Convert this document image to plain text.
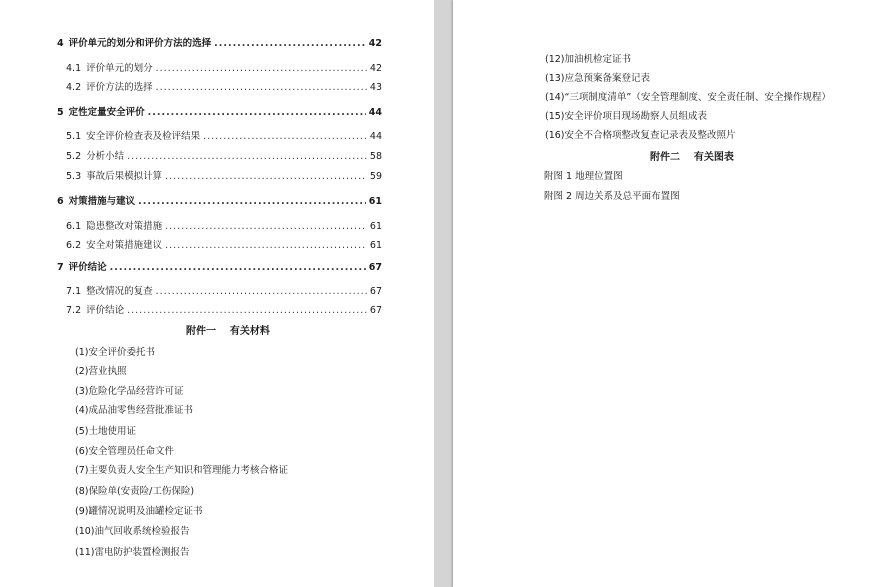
4 评价单元的划分和评价方法的选择 .....	42
4.1 评价单元的划分 .....	42
4.2 评价方法的选择 .....	43
5 定性定量安全评价 .....	44
5.1 安全评价检查表及检评结果 .....	44
5.2 分析小结 .....	58
5.3 事故后果模拟计算 .....	59
6 对策措施与建议 .....	61
6.1 隐患整改对策措施 .....	61
6.2 安全对策措施建议 .....	61
7 评价结论 .....	67
7.1 整改情况的复查 .....	67
7.2 评价结论 .....	67
附件一    有关材料
(1)安全评价委托书
(2)营业执照
(3)危险化学品经营许可证
(4)成品油零售经营批准证书
(5)土地使用证
(6)安全管理员任命文件
(7)主要负责人安全生产知识和管理能力考核合格证
(8)保险单(安责险/工伤保险)
(9)罐情况说明及油罐检定证书
(10)油气回收系统检验报告
(11)雷电防护装置检测报告
(12)加油机检定证书
(13)应急预案备案登记表
(14)“三项制度清单”（安全管理制度、安全责任制、安全操作规程）
(15)安全评价项目现场勘察人员组成表
(16)安全不合格项整改复查记录表及整改照片
附件二    有关图表
附图 1 地理位置图
附图 2 周边关系及总平面布置图
